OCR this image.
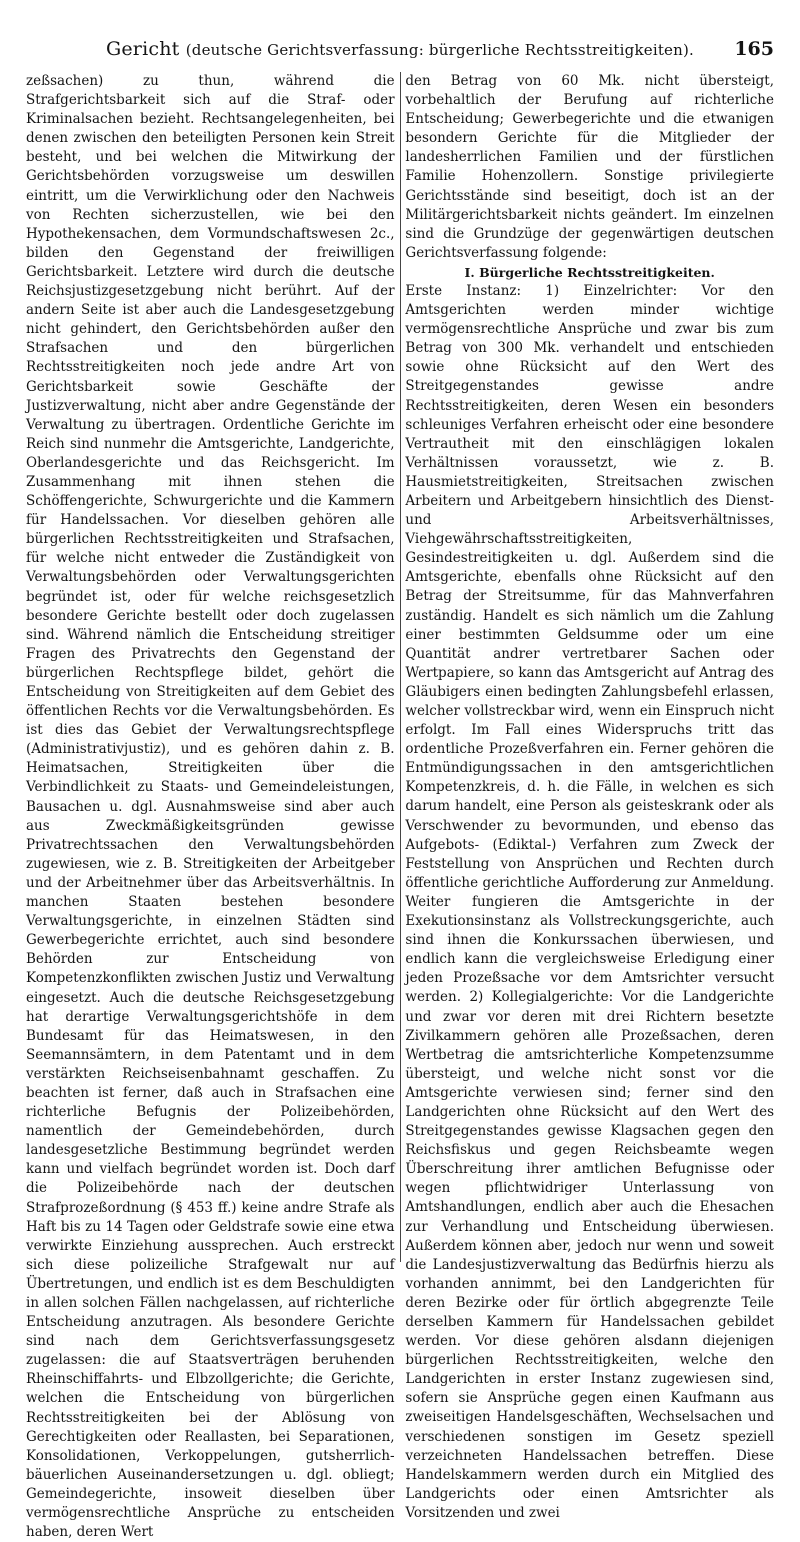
Gericht (deutsche Gerichtsverfassung: bürgerliche Rechtsstreitigkeiten).	165

zeßsachen) zu thun, während die Strafgerichtsbarkeit sich auf die Straf- oder Kriminalsachen bezieht. Rechtsangelegenheiten, bei denen zwischen den beteiligten Personen kein Streit besteht, und bei welchen die Mitwirkung der Gerichtsbehörden vorzugsweise um deswillen eintritt, um die Verwirklichung oder den Nachweis von Rechten sicherzustellen, wie bei den Hypothekensachen, dem Vormundschaftswesen 2c., bilden den Gegenstand der freiwilligen Gerichtsbarkeit. Letztere wird durch die deutsche Reichsjustizgesetzgebung nicht berührt. Auf der andern Seite ist aber auch die Landesgesetzgebung nicht gehindert, den Gerichtsbehörden außer den Strafsachen und den bürgerlichen Rechtsstreitigkeiten noch jede andre Art von Gerichtsbarkeit sowie Geschäfte der Justizverwaltung, nicht aber andre Gegenstände der Verwaltung zu übertragen. Ordentliche Gerichte im Reich sind nunmehr die Amtsgerichte, Landgerichte, Oberlandesgerichte und das Reichsgericht. Im Zusammenhang mit ihnen stehen die Schöffengerichte, Schwurgerichte und die Kammern für Handelssachen. Vor dieselben gehören alle bürgerlichen Rechtsstreitigkeiten und Strafsachen, für welche nicht entweder die Zuständigkeit von Verwaltungsbehörden oder Verwaltungsgerichten begründet ist, oder für welche reichsgesetzlich besondere Gerichte bestellt oder doch zugelassen sind. Während nämlich die Entscheidung streitiger Fragen des Privatrechts den Gegenstand der bürgerlichen Rechtspflege bildet, gehört die Entscheidung von Streitigkeiten auf dem Gebiet des öffentlichen Rechts vor die Verwaltungsbehörden. Es ist dies das Gebiet der Verwaltungsrechtspflege (Administrativjustiz), und es gehören dahin z. B. Heimatsachen, Streitigkeiten über die Verbindlichkeit zu Staats- und Gemeindeleistungen, Bausachen u. dgl. Ausnahmsweise sind aber auch aus Zweckmäßigkeitsgründen gewisse Privatrechtssachen den Verwaltungsbehörden zugewiesen, wie z. B. Streitigkeiten der Arbeitgeber und der Arbeitnehmer über das Arbeitsverhältnis. In manchen Staaten bestehen besondere Verwaltungsgerichte, in einzelnen Städten sind Gewerbegerichte errichtet, auch sind besondere Behörden zur Entscheidung von Kompetenzkonflikten zwischen Justiz und Verwaltung eingesetzt. Auch die deutsche Reichsgesetzgebung hat derartige Verwaltungsgerichtshöfe in dem Bundesamt für das Heimatswesen, in den Seemannsämtern, in dem Patentamt und in dem verstärkten Reichseisenbahnamt geschaffen. Zu beachten ist ferner, daß auch in Strafsachen eine richterliche Befugnis der Polizeibehörden, namentlich der Gemeindebehörden, durch landesgesetzliche Bestimmung begründet werden kann und vielfach begründet worden ist. Doch darf die Polizeibehörde nach der deutschen Strafprozeßordnung (§ 453 ff.) keine andre Strafe als Haft bis zu 14 Tagen oder Geldstrafe sowie eine etwa verwirkte Einziehung aussprechen. Auch erstreckt sich diese polizeiliche Strafgewalt nur auf Übertretungen, und endlich ist es dem Beschuldigten in allen solchen Fällen nachgelassen, auf richterliche Entscheidung anzutragen. Als besondere Gerichte sind nach dem Gerichtsverfassungsgesetz zugelassen: die auf Staatsverträgen beruhenden Rheinschiffahrts- und Elbzollgerichte; die Gerichte, welchen die Entscheidung von bürgerlichen Rechtsstreitigkeiten bei der Ablösung von Gerechtigkeiten oder Reallasten, bei Separationen, Konsolidationen, Verkoppelungen, gutsherrlich-bäuerlichen Auseinandersetzungen u. dgl. obliegt; Gemeindegerichte, insoweit dieselben über vermögensrechtliche Ansprüche zu entscheiden haben, deren Wert

den Betrag von 60 Mk. nicht übersteigt, vorbehaltlich der Berufung auf richterliche Entscheidung; Gewerbegerichte und die etwanigen besondern Gerichte für die Mitglieder der landesherrlichen Familien und der fürstlichen Familie Hohenzollern. Sonstige privilegierte Gerichtsstände sind beseitigt, doch ist an der Militärgerichtsbarkeit nichts geändert. Im einzelnen sind die Grundzüge der gegenwärtigen deutschen Gerichtsverfassung folgende:

I. Bürgerliche Rechtsstreitigkeiten.

Erste Instanz: 1) Einzelrichter: Vor den Amtsgerichten werden minder wichtige vermögensrechtliche Ansprüche und zwar bis zum Betrag von 300 Mk. verhandelt und entschieden sowie ohne Rücksicht auf den Wert des Streitgegenstandes gewisse andre Rechtsstreitigkeiten, deren Wesen ein besonders schleuniges Verfahren erheischt oder eine besondere Vertrautheit mit den einschlägigen lokalen Verhältnissen voraussetzt, wie z. B. Hausmietstreitigkeiten, Streitsachen zwischen Arbeitern und Arbeitgebern hinsichtlich des Dienst- und Arbeitsverhältnisses, Viehgewährschaftsstreitigkeiten, Gesindestreitigkeiten u. dgl. Außerdem sind die Amtsgerichte, ebenfalls ohne Rücksicht auf den Betrag der Streitsumme, für das Mahnverfahren zuständig. Handelt es sich nämlich um die Zahlung einer bestimmten Geldsumme oder um eine Quantität andrer vertretbarer Sachen oder Wertpapiere, so kann das Amtsgericht auf Antrag des Gläubigers einen bedingten Zahlungsbefehl erlassen, welcher vollstreckbar wird, wenn ein Einspruch nicht erfolgt. Im Fall eines Widerspruchs tritt das ordentliche Prozeßverfahren ein. Ferner gehören die Entmündigungssachen in den amtsgerichtlichen Kompetenzkreis, d. h. die Fälle, in welchen es sich darum handelt, eine Person als geisteskrank oder als Verschwender zu bevormunden, und ebenso das Aufgebots- (Ediktal-) Verfahren zum Zweck der Feststellung von Ansprüchen und Rechten durch öffentliche gerichtliche Aufforderung zur Anmeldung. Weiter fungieren die Amtsgerichte in der Exekutionsinstanz als Vollstreckungsgerichte, auch sind ihnen die Konkurssachen überwiesen, und endlich kann die vergleichsweise Erledigung einer jeden Prozeßsache vor dem Amtsrichter versucht werden. 2) Kollegialgerichte: Vor die Landgerichte und zwar vor deren mit drei Richtern besetzte Zivilkammern gehören alle Prozeßsachen, deren Wertbetrag die amtsrichterliche Kompetenzsumme übersteigt, und welche nicht sonst vor die Amtsgerichte verwiesen sind; ferner sind den Landgerichten ohne Rücksicht auf den Wert des Streitgegenstandes gewisse Klagsachen gegen den Reichsfiskus und gegen Reichsbeamte wegen Überschreitung ihrer amtlichen Befugnisse oder wegen pflichtwidriger Unterlassung von Amtshandlungen, endlich aber auch die Ehesachen zur Verhandlung und Entscheidung überwiesen. Außerdem können aber, jedoch nur wenn und soweit die Landesjustizverwaltung das Bedürfnis hierzu als vorhanden annimmt, bei den Landgerichten für deren Bezirke oder für örtlich abgegrenzte Teile derselben Kammern für Handelssachen gebildet werden. Vor diese gehören alsdann diejenigen bürgerlichen Rechtsstreitigkeiten, welche den Landgerichten in erster Instanz zugewiesen sind, sofern sie Ansprüche gegen einen Kaufmann aus zweiseitigen Handelsgeschäften, Wechselsachen und verschiedenen sonstigen im Gesetz speziell verzeichneten Handelssachen betreffen. Diese Handelskammern werden durch ein Mitglied des Landgerichts oder einen Amtsrichter als Vorsitzenden und zwei
